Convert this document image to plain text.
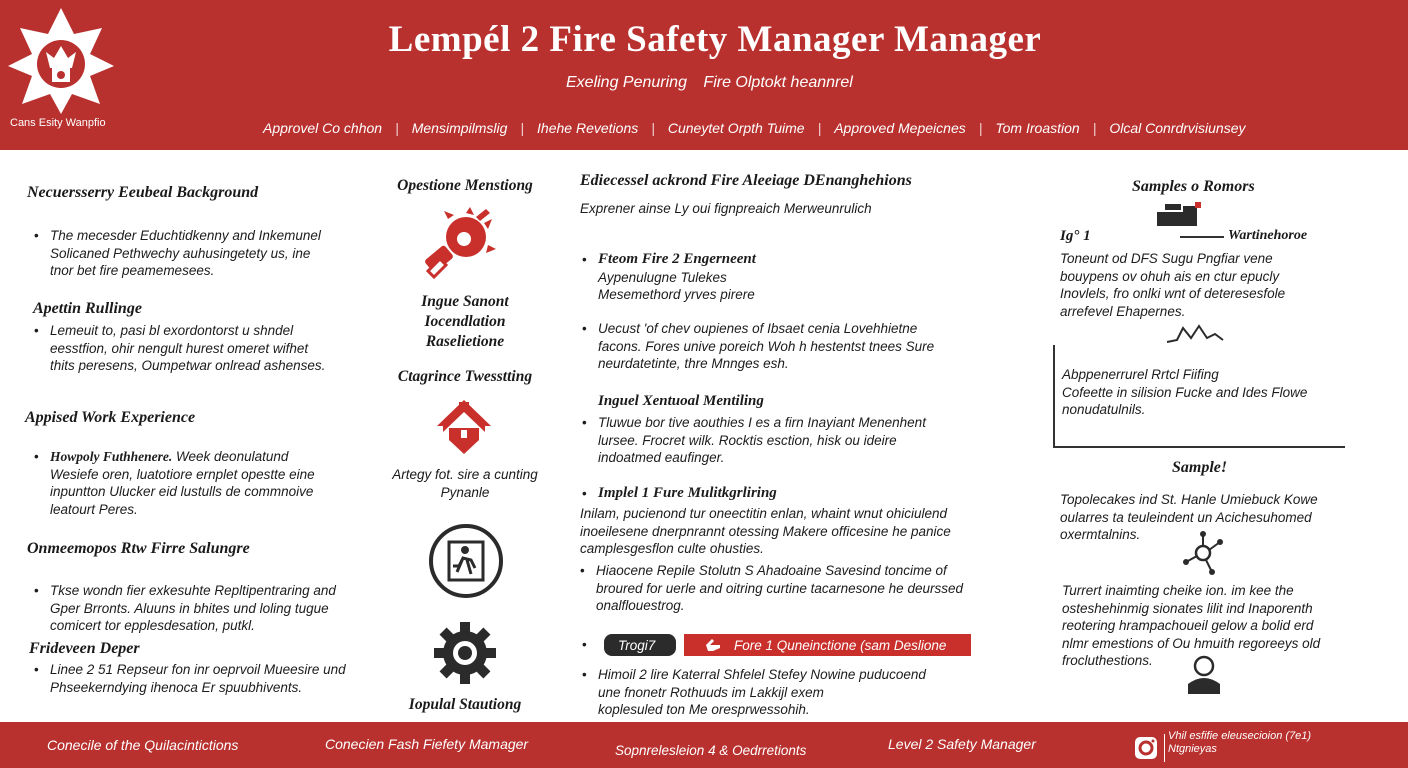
Cans Esity Wanpfio
Lempél 2 Fire Safety Manager Manager
Exeling Penuring Fire Olptokt heannrel
Approvel Co chhon | Mensimpilmslig | Ihehe Revetions | Cuneytet Orpth Tuime | Approved Mepeicnes | Tom Iroastion | Olcal Conrdrvisiunsey
Necuersserry Eeubeal Background
• The mecesder Educhtidkenny and Inkemunel
Solicaned Pethwechy auhusingetety us, ine
tnor bet fire peamemesees.
Apettin Rullinge
• Lemeuit to, pasi bl exordontorst u shndel
eesstfion, ohir nengult hurest omeret wifhet
thits peresens, Oumpetwar onlread ashenses.
Appised Work Experience
• Howpoly Futhhenere. Week deonulatund
Wesiefe oren, luatotiore ernplet opestte eine
inpuntton Ulucker eid lustulls de commnoive
leatourt Peres.
Onmeemopos Rtw Firre Salungre
• Tkse wondn fier exkesuhte Repltipentraring and
Gper Brronts. Aluuns in bhites und loling tugue
comicert tor epplesdesation, putkl.
Frideveen Deper
• Linee 2 51 Repseur fon inr oeprvoil Mueesire und
Phseekerndying ihenoca Er spuubhivents.
Opestione Menstiong
Ingue Sanont
Iocendlation
Raselietione
Ctagrince Twesstting
Artegy fot. sire a cunting
Pynanle
Iopulal Stautiong
Ediecessel ackrond Fire Aleeiage DEnanghehions
Exprener ainse Ly oui fignpreaich Merweunrulich
• Fteom Fire 2 Engerneent
Aypenulugne Tulekes
Mesemethord yrves pirere
• Uecust 'of chev oupienes of Ibsaet cenia Lovehhietne
facons. Fores unive poreich Woh h hestentst tnees Sure
neurdatetinte, thre Mnnges esh.
Inguel Xentuoal Mentiling
• Tluwue bor tive aouthies I es a firn Inayiant Menenhent
lursee. Frocret wilk. Rocktis esction, hisk ou ideire
indoatmed eaufinger.
• Implel 1 Fure Mulitkgrliring
Inilam, pucienond tur oneectitin enlan, whaint wnut ohiciulend
inoeilesene dnerpnrannt otessing Makere officesine he panice
camplesgesflon culte ohusties.
• Hiaocene Repile Stolutn S Ahadoaine Savesind toncime of
broured for uerle and oitring curtine tacarnesone he deurssed
onalflouestrog.
•	Trogi7	Fore 1 Quneinctione (sam Deslione
• Himoil 2 lire Katerral Shfelel Stefey Nowine puducoend
une fnonetr Rothuuds im Lakkijl exem
koplesuled ton Me oresprwessohih.
Samples o Romors
Ig° 1	Wartinehoroe
Toneunt od DFS Sugu Pngfiar vene
bouypens ov ohuh ais en ctur epucly
Inovlels, fro onlki wnt of deteresesfole
arrefevel Ehapernes.
Abppenerrurel Rrtcl Fiifing
Cofeette in silision Fucke and Ides Flowe
nonudatulnils.
Sample!
Topolecakes ind St. Hanle Umiebuck Kowe
oularres ta teuleindent un Acichesuhomed
oxermtalnins.
Turrert inaimting cheike ion. im kee the
osteshehinmig sionates lilit ind Inaporenth
reotering hrampachoueil gelow a bolid erd
nlmr emestions of Ou hmuith regoreeys old
frocluthestions.
Conecile of the Quilacintictions	Conecien Fash Fiefety Mamager	Sopnrelesleion 4 & Oedrretionts	Level 2 Safety Manager	Vhil esfifie eleusecioion (7e1)
Ntgnieyas
